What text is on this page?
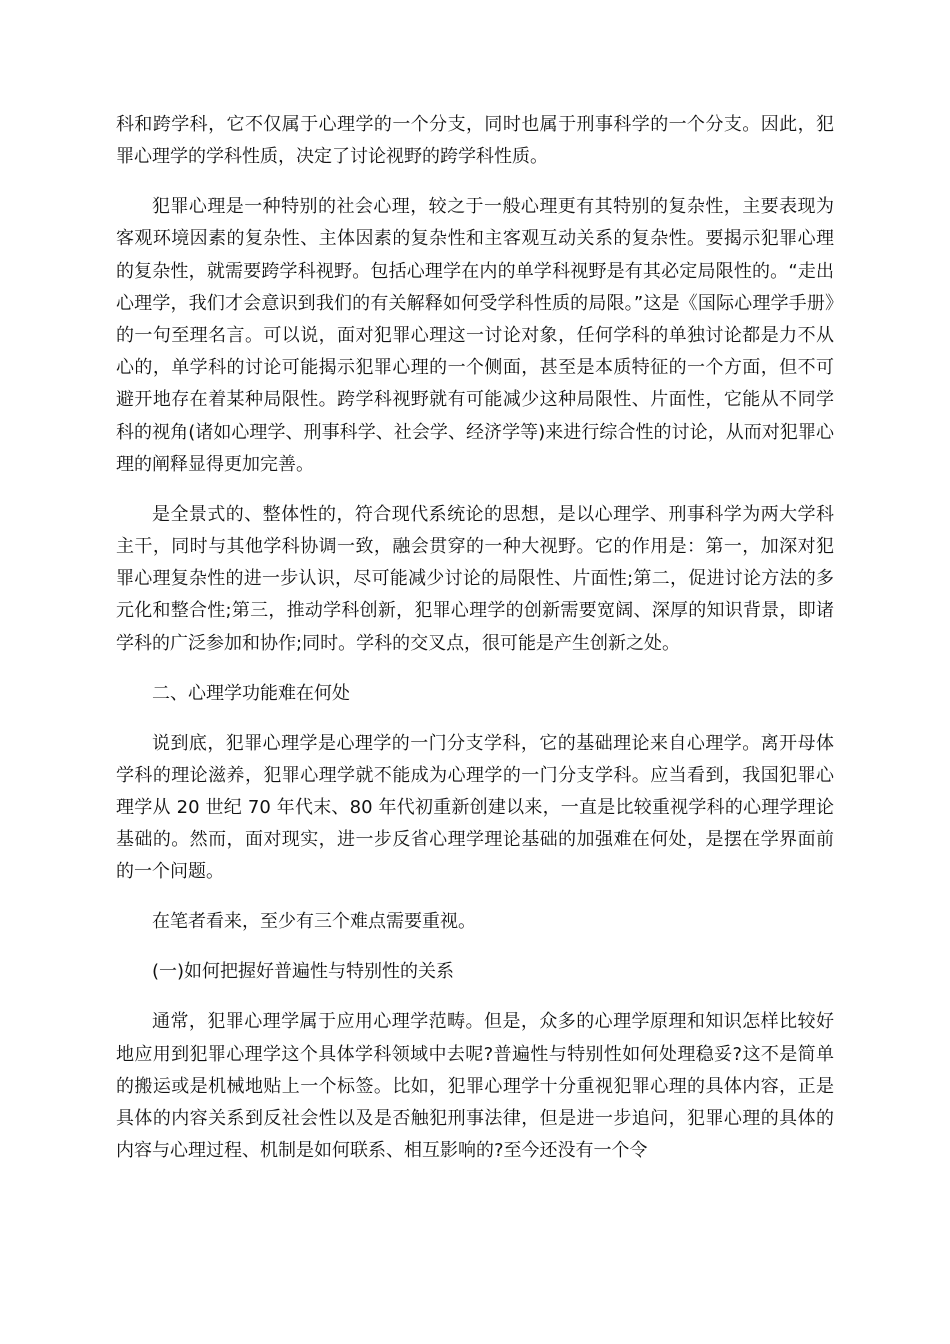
科和跨学科，它不仅属于心理学的一个分支，同时也属于刑事科学的一个分支。因此，犯罪心理学的学科性质，决定了讨论视野的跨学科性质。

犯罪心理是一种特别的社会心理，较之于一般心理更有其特别的复杂性，主要表现为客观环境因素的复杂性、主体因素的复杂性和主客观互动关系的复杂性。要揭示犯罪心理的复杂性，就需要跨学科视野。包括心理学在内的单学科视野是有其必定局限性的。“走出心理学，我们才会意识到我们的有关解释如何受学科性质的局限。”这是《国际心理学手册》的一句至理名言。可以说，面对犯罪心理这一讨论对象，任何学科的单独讨论都是力不从心的，单学科的讨论可能揭示犯罪心理的一个侧面，甚至是本质特征的一个方面，但不可避开地存在着某种局限性。跨学科视野就有可能减少这种局限性、片面性，它能从不同学科的视角(诸如心理学、刑事科学、社会学、经济学等)来进行综合性的讨论，从而对犯罪心理的阐释显得更加完善。

是全景式的、整体性的，符合现代系统论的思想，是以心理学、刑事科学为两大学科主干，同时与其他学科协调一致，融会贯穿的一种大视野。它的作用是：第一，加深对犯罪心理复杂性的进一步认识，尽可能减少讨论的局限性、片面性;第二，促进讨论方法的多元化和整合性;第三，推动学科创新，犯罪心理学的创新需要宽阔、深厚的知识背景，即诸学科的广泛参加和协作;同时。学科的交叉点，很可能是产生创新之处。

二、心理学功能难在何处

说到底，犯罪心理学是心理学的一门分支学科，它的基础理论来自心理学。离开母体学科的理论滋养，犯罪心理学就不能成为心理学的一门分支学科。应当看到，我国犯罪心理学从 20 世纪 70 年代末、80 年代初重新创建以来，一直是比较重视学科的心理学理论基础的。然而，面对现实，进一步反省心理学理论基础的加强难在何处，是摆在学界面前的一个问题。

在笔者看来，至少有三个难点需要重视。

(一)如何把握好普遍性与特别性的关系

通常，犯罪心理学属于应用心理学范畴。但是，众多的心理学原理和知识怎样比较好地应用到犯罪心理学这个具体学科领域中去呢?普遍性与特别性如何处理稳妥?这不是简单的搬运或是机械地贴上一个标签。比如，犯罪心理学十分重视犯罪心理的具体内容，正是具体的内容关系到反社会性以及是否触犯刑事法律，但是进一步追问，犯罪心理的具体的内容与心理过程、机制是如何联系、相互影响的?至今还没有一个令
